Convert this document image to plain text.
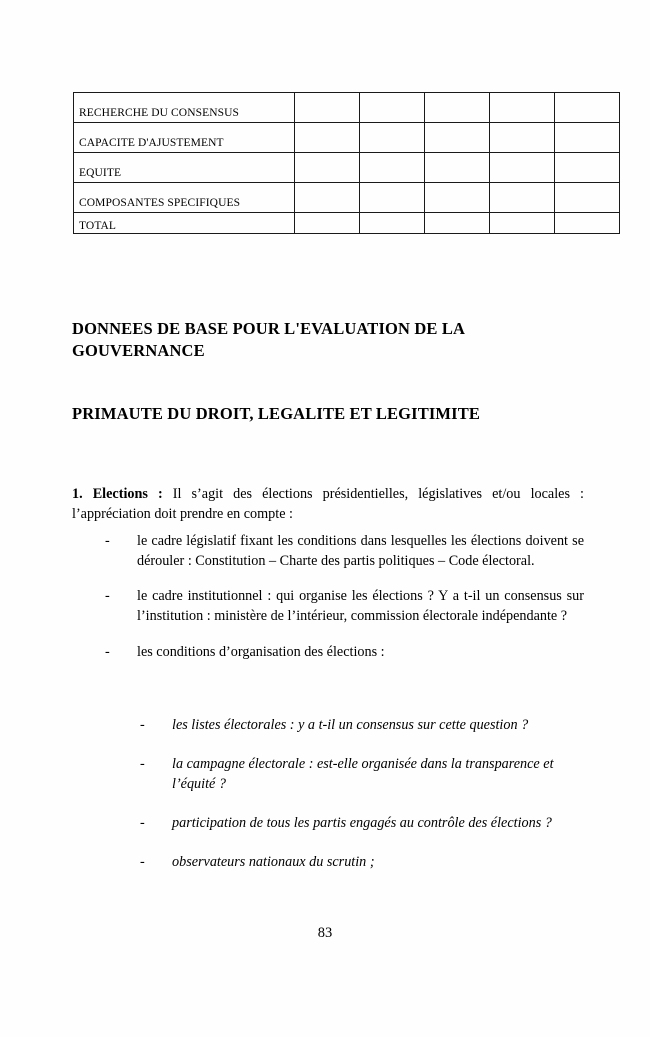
RECHERCHE DU CONSENSUS					
CAPACITE D'AJUSTEMENT					
EQUITE					
COMPOSANTES SPECIFIQUES					
TOTAL					
DONNEES DE BASE POUR L'EVALUATION DE LA GOUVERNANCE
PRIMAUTE DU DROIT, LEGALITE ET LEGITIMITE

1. Elections : Il s’agit des élections présidentielles, législatives et/ou locales : l’appréciation doit prendre en compte :

- le cadre législatif fixant les conditions dans lesquelles les élections doivent se dérouler : Constitution – Charte des partis politiques – Code électoral.
- le cadre institutionnel : qui organise les élections ? Y a t-il un consensus sur l’institution : ministère de l’intérieur, commission électorale indépendante ?
- les conditions d’organisation des élections :
- les listes électorales : y a t-il un consensus sur cette question ?
- la campagne électorale : est-elle organisée dans la transparence et l’équité ?
- participation de tous les partis engagés au contrôle des élections ?
- observateurs nationaux du scrutin ;
83
